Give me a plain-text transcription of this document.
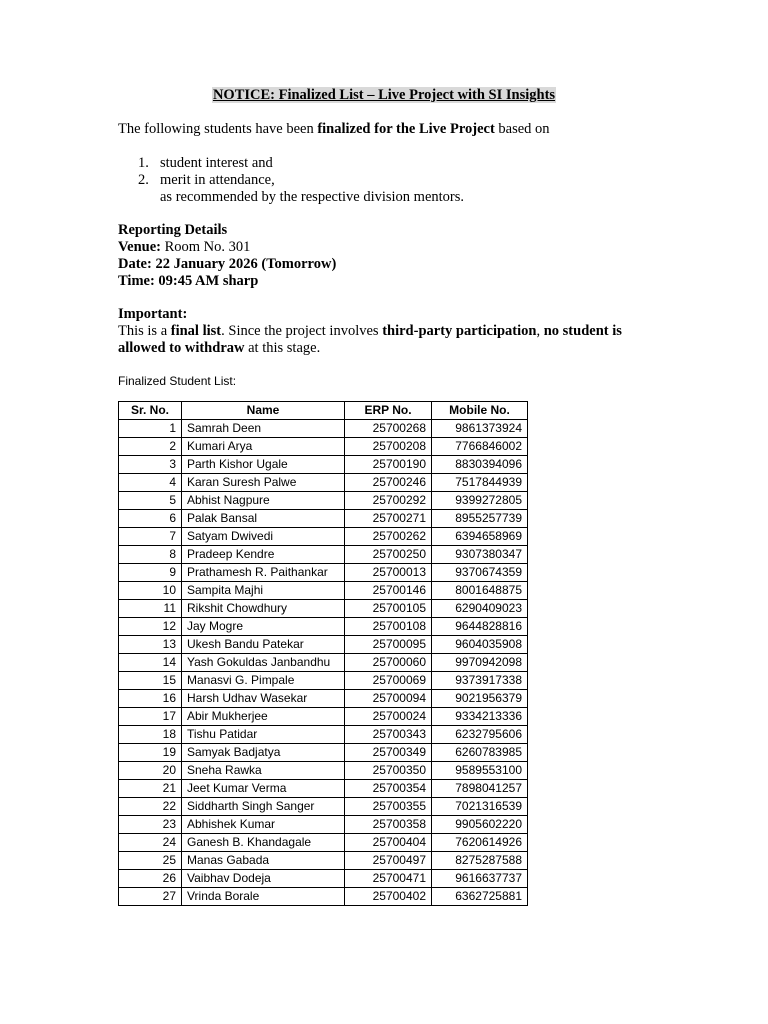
NOTICE: Finalized List – Live Project with SI Insights
The following students have been finalized for the Live Project based on
1. student interest and
2. merit in attendance,
as recommended by the respective division mentors.
Reporting Details
Venue: Room No. 301
Date: 22 January 2026 (Tomorrow)
Time: 09:45 AM sharp
Important:
This is a final list. Since the project involves third-party participation, no student is
allowed to withdraw at this stage.
Finalized Student List:
Sr. No.	Name	ERP No.	Mobile No.
1	Samrah Deen	25700268	9861373924
2	Kumari Arya	25700208	7766846002
3	Parth Kishor Ugale	25700190	8830394096
4	Karan Suresh Palwe	25700246	7517844939
5	Abhist Nagpure	25700292	9399272805
6	Palak Bansal	25700271	8955257739
7	Satyam Dwivedi	25700262	6394658969
8	Pradeep Kendre	25700250	9307380347
9	Prathamesh R. Paithankar	25700013	9370674359
10	Sampita Majhi	25700146	8001648875
11	Rikshit Chowdhury	25700105	6290409023
12	Jay Mogre	25700108	9644828816
13	Ukesh Bandu Patekar	25700095	9604035908
14	Yash Gokuldas Janbandhu	25700060	9970942098
15	Manasvi G. Pimpale	25700069	9373917338
16	Harsh Udhav Wasekar	25700094	9021956379
17	Abir Mukherjee	25700024	9334213336
18	Tishu Patidar	25700343	6232795606
19	Samyak Badjatya	25700349	6260783985
20	Sneha Rawka	25700350	9589553100
21	Jeet Kumar Verma	25700354	7898041257
22	Siddharth Singh Sanger	25700355	7021316539
23	Abhishek Kumar	25700358	9905602220
24	Ganesh B. Khandagale	25700404	7620614926
25	Manas Gabada	25700497	8275287588
26	Vaibhav Dodeja	25700471	9616637737
27	Vrinda Borale	25700402	6362725881
